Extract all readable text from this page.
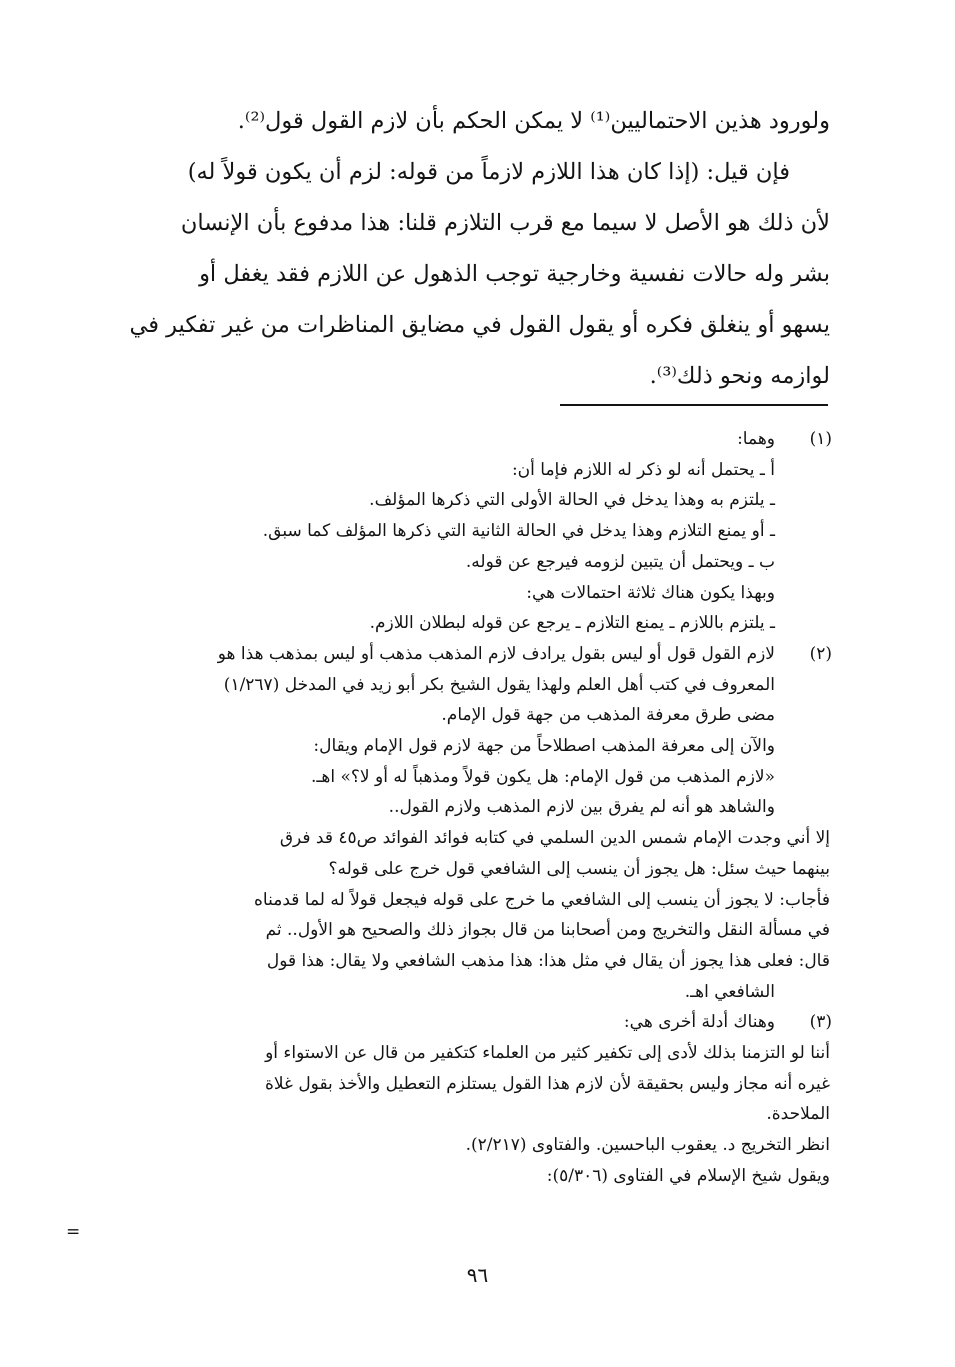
ولورود هذين الاحتماليين⁽¹⁾ لا يمكن الحكم بأن لازم القول قول⁽²⁾.

فإن قيل: (إذا كان هذا اللازم لازماً من قوله: لزم أن يكون قولاً له)
لأن ذلك هو الأصل لا سيما مع قرب التلازم قلنا: هذا مدفوع بأن الإنسان
بشر وله حالات نفسية وخارجية توجب الذهول عن اللازم فقد يغفل أو
يسهو أو ينغلق فكره أو يقول القول في مضايق المناظرات من غير تفكير في
لوازمه ونحو ذلك⁽³⁾.

(١)
وهما:
أ ـ يحتمل أنه لو ذكر له اللازم فإما أن:
ـ يلتزم به وهذا يدخل في الحالة الأولى التي ذكرها المؤلف.
ـ أو يمنع التلازم وهذا يدخل في الحالة الثانية التي ذكرها المؤلف كما سبق.
ب ـ ويحتمل أن يتبين لزومه فيرجع عن قوله.
وبهذا يكون هناك ثلاثة احتمالات هي:
ـ يلتزم باللازم ـ يمنع التلازم ـ يرجع عن قوله لبطلان اللازم.
(٢)
لازم القول قول أو ليس بقول يرادف لازم المذهب مذهب أو ليس بمذهب هذا هو
المعروف في كتب أهل العلم ولهذا يقول الشيخ بكر أبو زيد في المدخل (١/٢٦٧)
مضى طرق معرفة المذهب من جهة قول الإمام.
والآن إلى معرفة المذهب اصطلاحاً من جهة لازم قول الإمام ويقال:
«لازم المذهب من قول الإمام: هل يكون قولاً ومذهباً له أو لا؟» اهـ.
والشاهد هو أنه لم يفرق بين لازم المذهب ولازم القول..
إلا أني وجدت الإمام شمس الدين السلمي في كتابه فوائد الفوائد ص٤٥ قد فرق
بينهما حيث سئل: هل يجوز أن ينسب إلى الشافعي قول خرج على قوله؟
فأجاب: لا يجوز أن ينسب إلى الشافعي ما خرج على قوله فيجعل قولاً له لما قدمناه
في مسألة النقل والتخريج ومن أصحابنا من قال بجواز ذلك والصحيح هو الأول.. ثم
قال: فعلى هذا يجوز أن يقال في مثل هذا: هذا مذهب الشافعي ولا يقال: هذا قول
الشافعي اهـ.
(٣)
وهناك أدلة أخرى هي:
أننا لو التزمنا بذلك لأدى إلى تكفير كثير من العلماء كتكفير من قال عن الاستواء أو
غيره أنه مجاز وليس بحقيقة لأن لازم هذا القول يستلزم التعطيل والأخذ بقول غلاة
الملاحدة.
انظر التخريج د. يعقوب الباحسين. والفتاوى (٢/٢١٧).
ويقول شيخ الإسلام في الفتاوى (٥/٣٠٦):
=
٩٦
